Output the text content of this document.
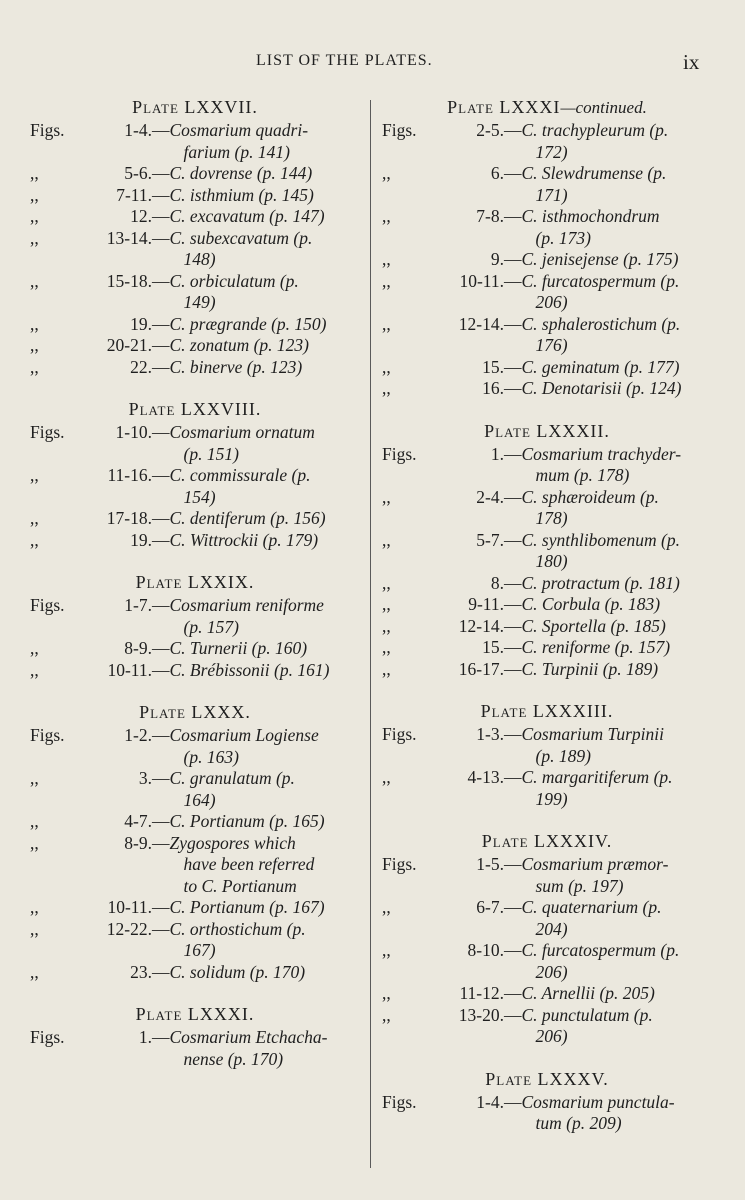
LIST OF THE PLATES.	ix
Plate LXXVII.
Figs.	1-4. — Cosmarium quadri-
farium (p. 141)
,,	5-6. — C. dovrense (p. 144)
,,	7-11. — C. isthmium (p. 145)
,,	12. — C. excavatum (p. 147)
,,	13-14. — C. subexcavatum (p.
148)
,,	15-18. — C. orbiculatum (p.
149)
,,	19. — C. prægrande (p. 150)
,,	20-21. — C. zonatum (p. 123)
,,	22. — C. binerve (p. 123)
Plate LXXVIII.
Figs.	1-10. — Cosmarium ornatum
(p. 151)
,,	11-16. — C. commissurale (p.
154)
,,	17-18. — C. dentiferum (p. 156)
,,	19. — C. Wittrockii (p. 179)
Plate LXXIX.
Figs.	1-7. — Cosmarium reniforme
(p. 157)
,,	8-9. — C. Turnerii (p. 160)
,,	10-11. — C. Brébissonii (p. 161)
Plate LXXX.
Figs.	1-2. — Cosmarium Logiense
(p. 163)
,,	3. — C. granulatum (p.
164)
,,	4-7. — C. Portianum (p. 165)
,,	8-9. — Zygospores which
have been referred
to C. Portianum
,,	10-11. — C. Portianum (p. 167)
,,	12-22. — C. orthostichum (p.
167)
,,	23. — C. solidum (p. 170)
Plate LXXXI.
Figs.	1. — Cosmarium Etchacha-
nense (p. 170)
Plate LXXXI—continued.
Figs.	2-5. — C. trachypleurum (p.
172)
,,	6. — C. Slewdrumense (p.
171)
,,	7-8. — C. isthmochondrum
(p. 173)
,,	9. — C. jenisejense (p. 175)
,,	10-11. — C. furcatospermum (p.
206)
,,	12-14. — C. sphalerostichum (p.
176)
,,	15. — C. geminatum (p. 177)
,,	16. — C. Denotarisii (p. 124)
Plate LXXXII.
Figs.	1. — Cosmarium trachyder-
mum (p. 178)
,,	2-4. — C. sphæroideum (p.
178)
,,	5-7. — C. synthlibomenum (p.
180)
,,	8. — C. protractum (p. 181)
,,	9-11. — C. Corbula (p. 183)
,,	12-14. — C. Sportella (p. 185)
,,	15. — C. reniforme (p. 157)
,,	16-17. — C. Turpinii (p. 189)
Plate LXXXIII.
Figs.	1-3. — Cosmarium Turpinii
(p. 189)
,,	4-13. — C. margaritiferum (p.
199)
Plate LXXXIV.
Figs.	1-5. — Cosmarium præmor-
sum (p. 197)
,,	6-7. — C. quaternarium (p.
204)
,,	8-10. — C. furcatospermum (p.
206)
,,	11-12. — C. Arnellii (p. 205)
,,	13-20. — C. punctulatum (p.
206)
Plate LXXXV.
Figs.	1-4. — Cosmarium punctula-
tum (p. 209)
